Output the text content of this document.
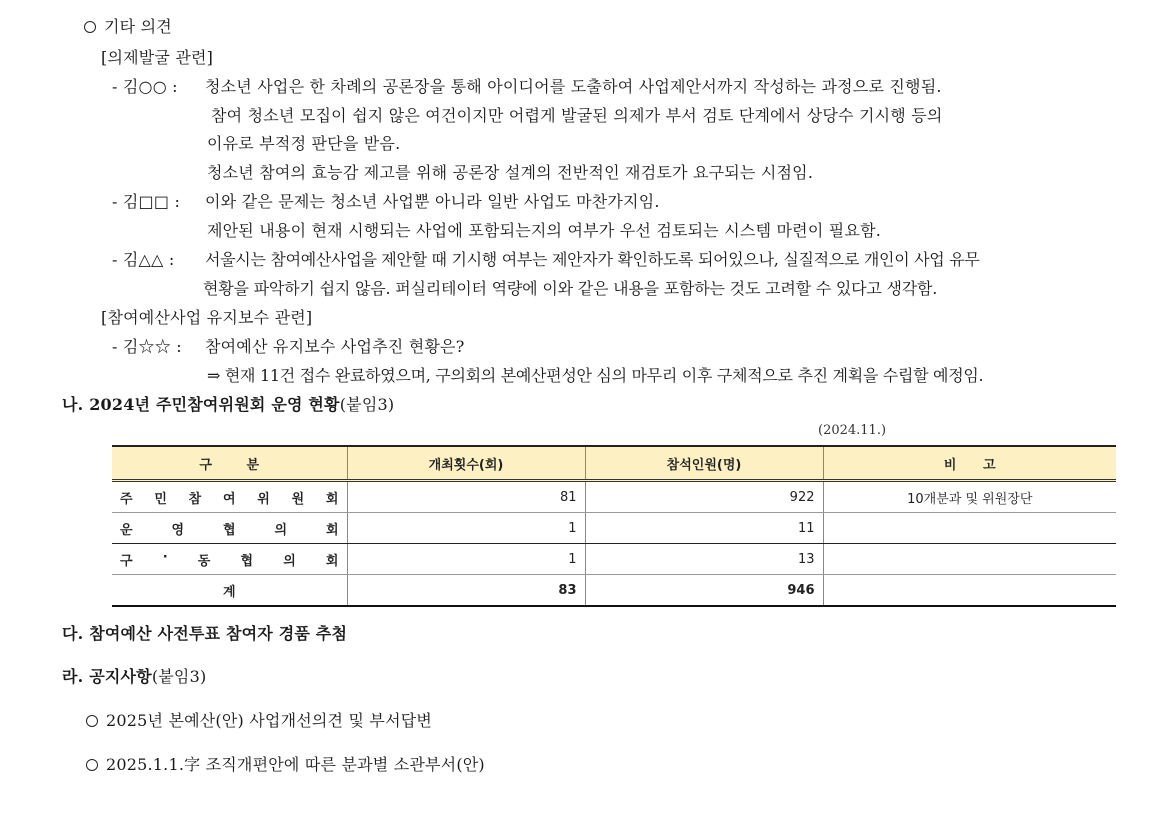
기타 의견
[의제발굴 관련]
- 김○○ : 청소년 사업은 한 차례의 공론장을 통해 아이디어를 도출하여 사업제안서까지 작성하는 과정으로 진행됨.
참여 청소년 모집이 쉽지 않은 여건이지만 어렵게 발굴된 의제가 부서 검토 단계에서 상당수 기시행 등의
이유로 부적정 판단을 받음.
청소년 참여의 효능감 제고를 위해 공론장 설계의 전반적인 재검토가 요구되는 시점임.
- 김□□ : 이와 같은 문제는 청소년 사업뿐 아니라 일반 사업도 마찬가지임.
제안된 내용이 현재 시행되는 사업에 포함되는지의 여부가 우선 검토되는 시스템 마련이 필요함.
- 김△△ : 서울시는 참여예산사업을 제안할 때 기시행 여부는 제안자가 확인하도록 되어있으나, 실질적으로 개인이 사업 유무
현황을 파악하기 쉽지 않음. 퍼실리테이터 역량에 이와 같은 내용을 포함하는 것도 고려할 수 있다고 생각함.
[참여예산사업 유지보수 관련]
- 김☆☆ : 참여예산 유지보수 사업추진 현황은?
⇒ 현재 11건 접수 완료하였으며, 구의회의 본예산편성안 심의 마무리 이후 구체적으로 추진 계획을 수립할 예정임.
나. 2024년 주민참여위원회 운영 현황(붙임3)
(2024.11.)
구 분	개최횟수(회)	참석인원(명)	비 고

주 민 참 여 위 원 회	81	922	10개분과 및 위원장단

운 영 협 의 회	1	11	

구 · 동 협 의 회	1	13	
계	83	946	
다. 참여예산 사전투표 참여자 경품 추첨
라. 공지사항(붙임3)
2025년 본예산(안) 사업개선의견 및 부서답변
2025.1.1.字 조직개편안에 따른 분과별 소관부서(안)
